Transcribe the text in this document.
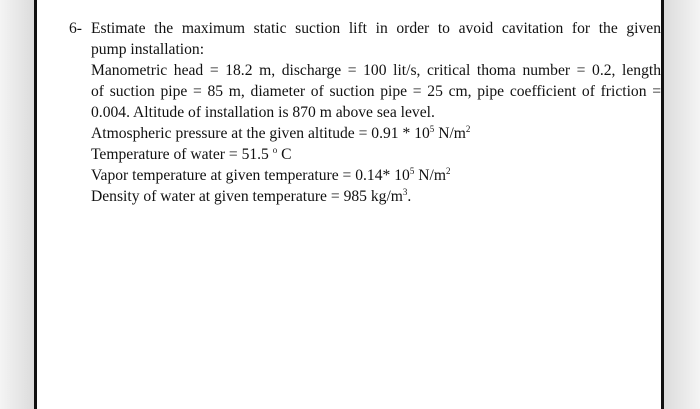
6- Estimate the maximum static suction lift in order to avoid cavitation for the given
pump installation:
Manometric head = 18.2 m, discharge = 100 lit/s, critical thoma number = 0.2, length
of suction pipe = 85 m, diameter of suction pipe = 25 cm, pipe coefficient of friction =
0.004. Altitude of installation is 870 m above sea level.
Atmospheric pressure at the given altitude = $0.91 * 10^5$ $N/m^2$
Temperature of water = 51.5 $^o$ C
Vapor temperature at given temperature = 0.14* $10^5$ $N/m^2$
Density of water at given temperature = 985 $kg/m^3$.
